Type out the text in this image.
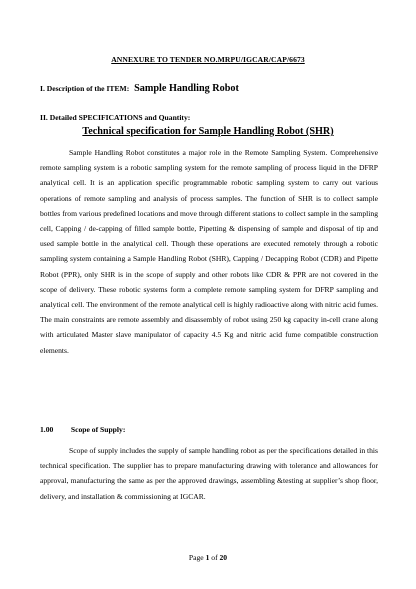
ANNEXURE TO TENDER NO.MRPU/IGCAR/CAP/6673
I. Description of the ITEM: Sample Handling Robot
II. Detailed SPECIFICATIONS and Quantity:
Technical specification for Sample Handling Robot (SHR)

Sample Handling Robot constitutes a major role in the Remote Sampling System. Comprehensive remote sampling system is a robotic sampling system for the remote sampling of process liquid in the DFRP analytical cell. It is an application specific programmable robotic sampling system to carry out various operations of remote sampling and analysis of process samples. The function of SHR is to collect sample bottles from various predefined locations and move through different stations to collect sample in the sampling cell, Capping / de-capping of filled sample bottle, Pipetting & dispensing of sample and disposal of tip and used sample bottle in the analytical cell. Though these operations are executed remotely through a robotic sampling system containing a Sample Handling Robot (SHR), Capping / Decapping Robot (CDR) and Pipette Robot (PPR), only SHR is in the scope of supply and other robots like CDR & PPR are not covered in the scope of delivery. These robotic systems form a complete remote sampling system for DFRP sampling and analytical cell. The environment of the remote analytical cell is highly radioactive along with nitric acid fumes. The main constraints are remote assembly and disassembly of robot using 250 kg capacity in-cell crane along with articulated Master slave manipulator of capacity 4.5 Kg and nitric acid fume compatible construction elements.

1.00 Scope of Supply:

Scope of supply includes the supply of sample handling robot as per the specifications detailed in this technical specification. The supplier has to prepare manufacturing drawing with tolerance and allowances for approval, manufacturing the same as per the approved drawings, assembling &testing at supplier’s shop floor, delivery, and installation & commissioning at IGCAR.

Page 1 of 20
